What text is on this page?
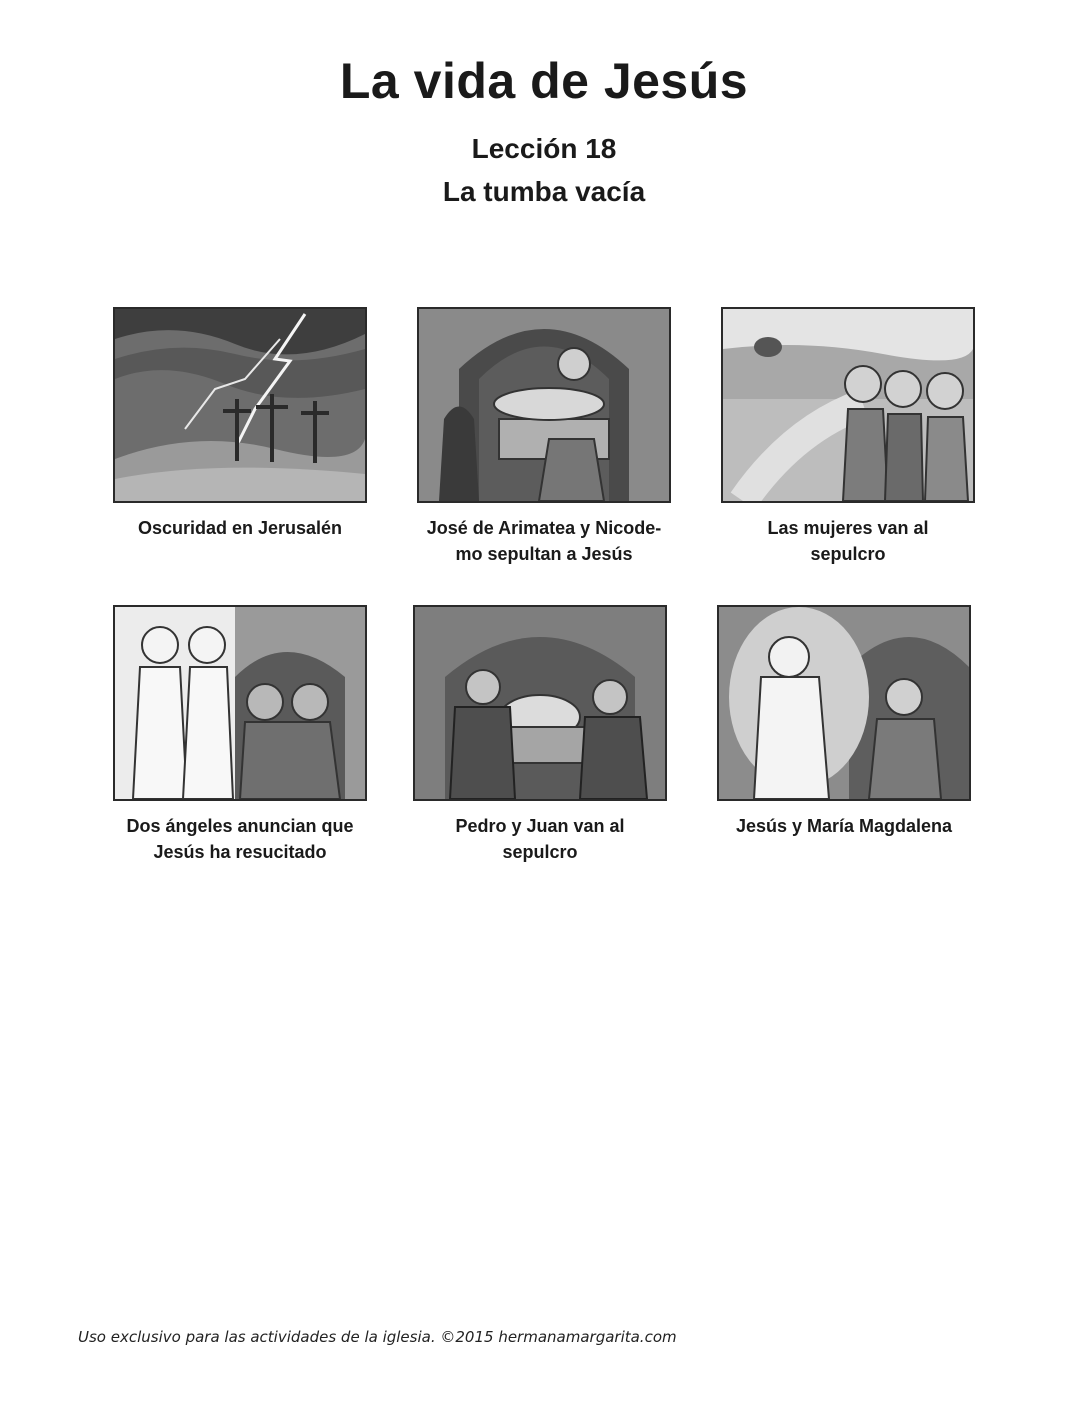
La vida de Jesús
Lección 18
La tumba vacía
Oscuridad en Jerusalén	José de Arimatea y Nicode-
mo sepultan a Jesús
Las mujeres van al
sepulcro
Dos ángeles anuncian que
Jesús ha resucitado
Pedro y Juan van al
sepulcro
Jesús y María Magdalena
Uso exclusivo para las actividades de la iglesia. ©2015 hermanamargarita.com
